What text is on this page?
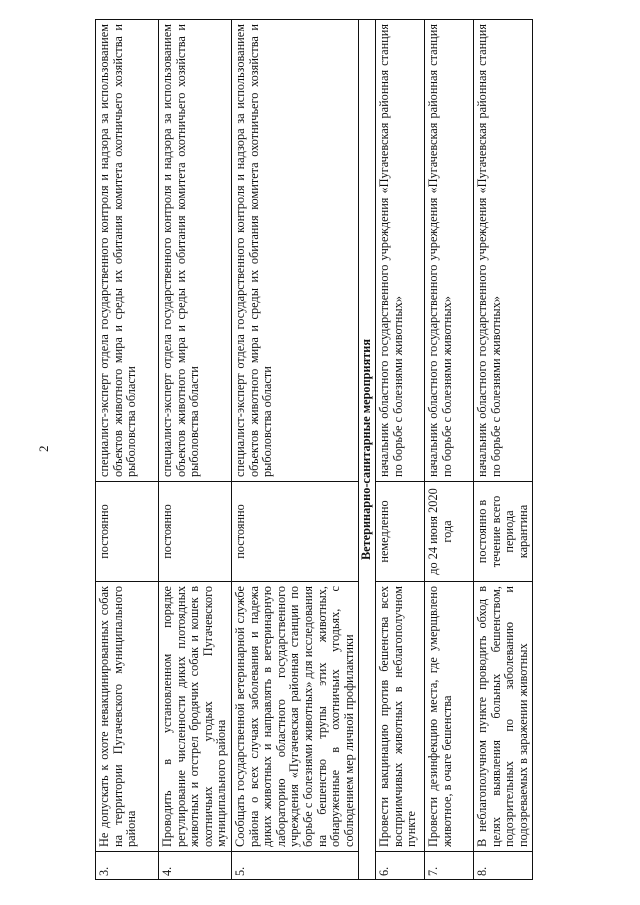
2
3.	Не допускать к охоте невакцинированных собак на территории Пугачевского муниципального района	постоянно	специалист-эксперт отдела государственного контроля и надзора за использованием объектов животного мира и среды их обитания комитета охотничьего хозяйства и рыболовства области
4.	Проводить в установленном порядке регулирование численности диких плотоядных животных и отстрел бродячих собак и кошек в охотничьих угодьях Пугачевского муниципального района	постоянно	специалист-эксперт отдела государственного контроля и надзора за использованием объектов животного мира и среды их обитания комитета охотничьего хозяйства и рыболовства области
5.	Сообщать государственной ветеринарной службе района о всех случаях заболевания и падежа диких животных и направлять в ветеринарную лабораторию областного государственного учреждения «Пугачевская районная станции по борьбе с болезнями животных» для исследования на бешенство трупы этих животных, обнаруженные в охотничьих угодьях, с соблюдением мер личной профилактики	постоянно	специалист-эксперт отдела государственного контроля и надзора за использованием объектов животного мира и среды их обитания комитета охотничьего хозяйства и рыболовства области
Ветеринарно-санитарные мероприятия			
6.	Провести вакцинацию против бешенства всех восприимчивых животных в неблагополучном пункте	немедленно	начальник областного государственного учреждения «Пугачевская районная станция по борьбе с болезнями животных»
7.	Провести дезинфекцию места, где умерщвлено животное, в очаге бешенства	до 24 июня 2020 года	начальник областного государственного учреждения «Пугачевская районная станция по борьбе с болезнями животных»
8.	В неблагополучном пункте проводить обход в целях выявления больных бешенством, подозрительных по заболеванию и подозреваемых в заражении животных	постоянно в течение всего периода карантина	начальник областного государственного учреждения «Пугачевская районная станция по борьбе с болезнями животных»
